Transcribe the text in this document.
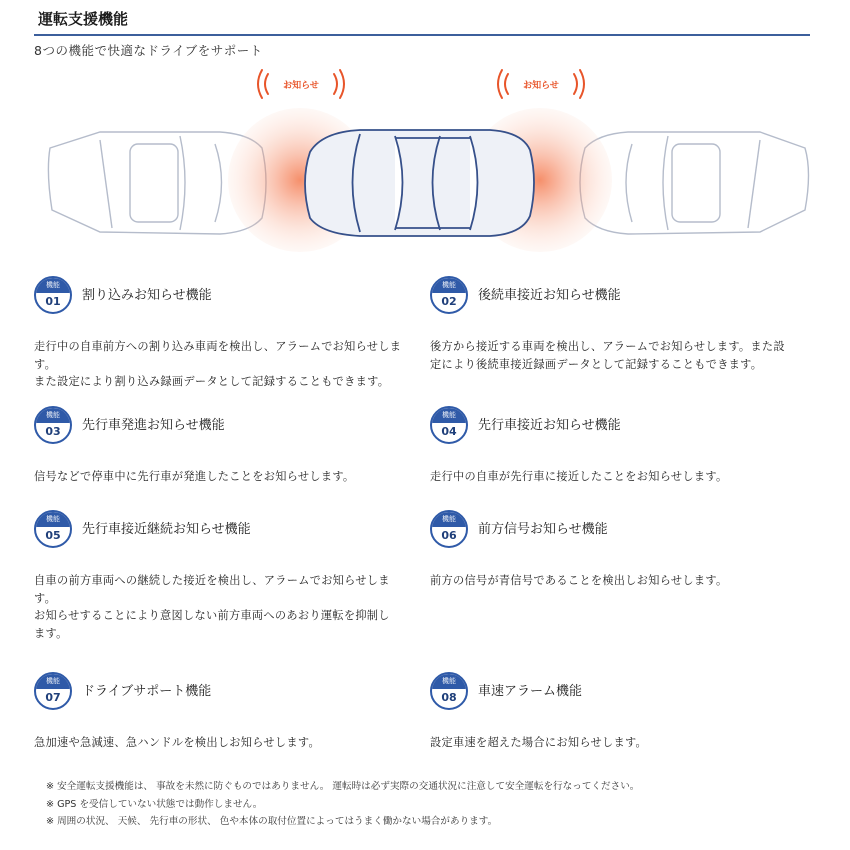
運転支援機能
8つの機能で快適なドライブをサポート
お知らせ	お知らせ
機能
01	割り込みお知らせ機能
走行中の自車前方への割り込み車両を検出し、アラームでお知らせしま
す。
また設定により割り込み録画データとして記録することもできます。
機能
02	後続車接近お知らせ機能
後方から接近する車両を検出し、アラームでお知らせします。また設
定により後続車接近録画データとして記録することもできます。
機能
03	先行車発進お知らせ機能
信号などで停車中に先行車が発進したことをお知らせします。
機能
04	先行車接近お知らせ機能
走行中の自車が先行車に接近したことをお知らせします。
機能
05	先行車接近継続お知らせ機能
自車の前方車両への継続した接近を検出し、アラームでお知らせしま
す。
お知らせすることにより意図しない前方車両へのあおり運転を抑制し
ます。
機能
06	前方信号お知らせ機能
前方の信号が青信号であることを検出しお知らせします。
機能
07	ドライブサポート機能
急加速や急減速、急ハンドルを検出しお知らせします。
機能
08	車速アラーム機能
設定車速を超えた場合にお知らせします。
※ 安全運転支援機能は、 事故を未然に防ぐものではありません。 運転時は必ず実際の交通状況に注意して安全運転を行なってください。
※ GPS を受信していない状態では動作しません。
※ 周囲の状況、 天候、 先行車の形状、 色や本体の取付位置によってはうまく働かない場合があります。
